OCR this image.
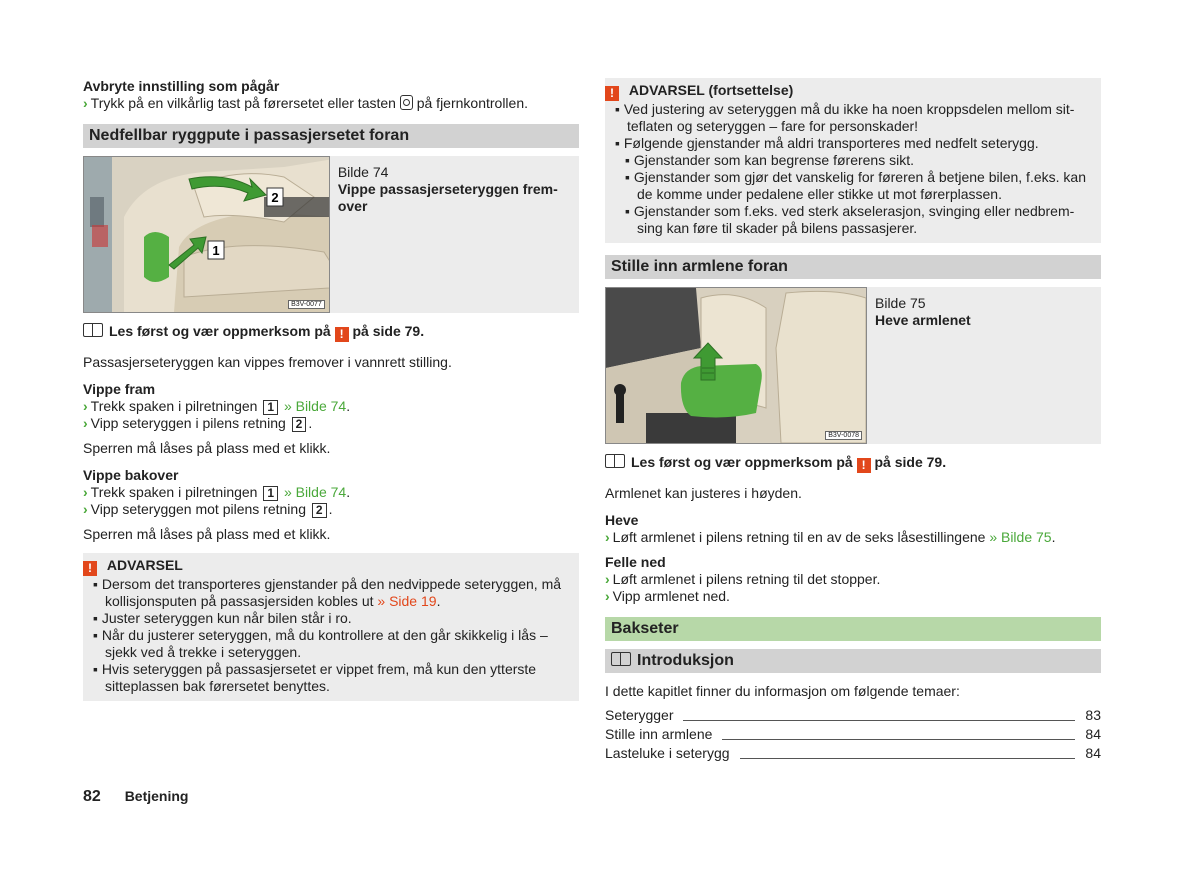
Avbryte innstilling som pågår
› Trykk på en vilkårlig tast på førersetet eller tasten på fjernkontrollen.
Nedfellbar ryggpute i passasjersetet foran
2
1
B3V-0077
Bilde 74
Vippe passasjerseteryggen frem-over
Les først og vær oppmerksom på ! på side 79.
Passasjerseteryggen kan vippes fremover i vannrett stilling.
Vippe fram
› Trekk spaken i pilretningen 1 » Bilde 74.
› Vipp seteryggen i pilens retning 2 .
Sperren må låses på plass med et klikk.
Vippe bakover
› Trekk spaken i pilretningen 1 » Bilde 74.
› Vipp seteryggen mot pilens retning 2 .
Sperren må låses på plass med et klikk.
! ADVARSEL
▪ Dersom det transporteres gjenstander på den nedvippede seteryggen, må kollisjonsputen på passasjersiden kobles ut » Side 19.
▪ Juster seteryggen kun når bilen står i ro.
▪ Når du justerer seteryggen, må du kontrollere at den går skikkelig i lås – sjekk ved å trekke i seteryggen.
▪ Hvis seteryggen på passasjersetet er vippet frem, må kun den ytterste sitteplassen bak førersetet benyttes.
! ADVARSEL (fortsettelse)
▪ Ved justering av seteryggen må du ikke ha noen kroppsdelen mellom sit-teflaten og seteryggen – fare for personskader!
▪ Følgende gjenstander må aldri transporteres med nedfelt seterygg.
▪ Gjenstander som kan begrense førerens sikt.
▪ Gjenstander som gjør det vanskelig for føreren å betjene bilen, f.eks. kan de komme under pedalene eller stikke ut mot førerplassen.
▪ Gjenstander som f.eks. ved sterk akselerasjon, svinging eller nedbrem-sing kan føre til skader på bilens passasjerer.
Stille inn armlene foran
B3V-0078
Bilde 75
Heve armlenet
Les først og vær oppmerksom på ! på side 79.
Armlenet kan justeres i høyden.
Heve
› Løft armlenet i pilens retning til en av de seks låsestillingene » Bilde 75.
Felle ned
› Løft armlenet i pilens retning til det stopper.
› Vipp armlenet ned.
Bakseter
Introduksjon
I dette kapitlet finner du informasjon om følgende temaer:
Seterygger	83
Stille inn armlene	84
Lasteluke i seterygg	84
82 Betjening
